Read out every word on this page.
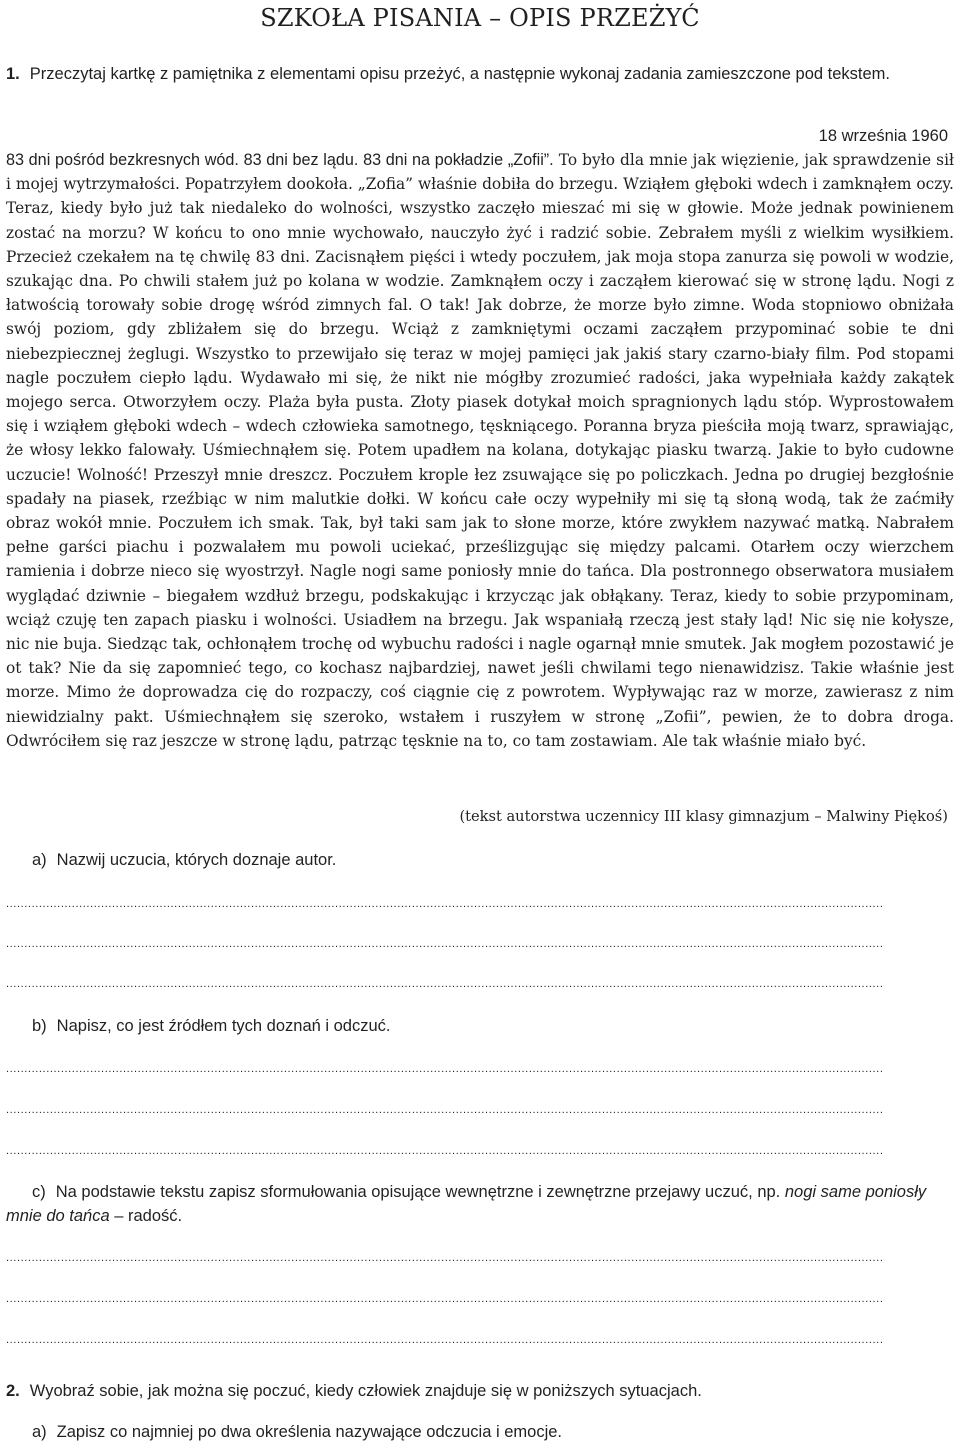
SZKOŁA PISANIA – OPIS PRZEŻYĆ
1. Przeczytaj kartkę z pamiętnika z elementami opisu przeżyć, a następnie wykonaj zadania zamieszczone pod tekstem.
18 września 1960

83 dni pośród bezkresnych wód. 83 dni bez lądu. 83 dni na pokładzie „Zofii”. To było dla mnie jak więzienie, jak sprawdzenie sił i mojej wytrzymałości. Popatrzyłem dookoła. „Zofia” właśnie dobiła do brzegu. Wziąłem głęboki wdech i zamknąłem oczy. Teraz, kiedy było już tak niedaleko do wolności, wszystko zaczęło mieszać mi się w głowie. Może jednak powinienem zostać na morzu? W końcu to ono mnie wychowało, nauczyło żyć i radzić sobie. Zebrałem myśli z wielkim wysiłkiem. Przecież czekałem na tę chwilę 83 dni. Zacisnąłem pięści i wtedy poczułem, jak moja stopa zanurza się powoli w wodzie, szukając dna. Po chwili stałem już po kolana w wodzie. Zamknąłem oczy i zacząłem kierować się w stronę lądu. Nogi z łatwością torowały sobie drogę wśród zimnych fal. O tak! Jak dobrze, że morze było zimne. Woda stopniowo obniżała swój poziom, gdy zbliżałem się do brzegu. Wciąż z zamkniętymi oczami zacząłem przypominać sobie te dni niebezpiecznej żeglugi. Wszystko to przewijało się teraz w mojej pamięci jak jakiś stary czarno-biały film. Pod stopami nagle poczułem ciepło lądu. Wydawało mi się, że nikt nie mógłby zrozumieć radości, jaka wypełniała każdy zakątek mojego serca. Otworzyłem oczy. Plaża była pusta. Złoty piasek dotykał moich spragnionych lądu stóp. Wyprostowałem się i wziąłem głęboki wdech – wdech człowieka samotnego, tęskniącego. Poranna bryza pieściła moją twarz, sprawiając, że włosy lekko falowały. Uśmiechnąłem się. Potem upadłem na kolana, dotykając piasku twarzą. Jakie to było cudowne uczucie! Wolność! Przeszył mnie dreszcz. Poczułem krople łez zsuwające się po policzkach. Jedna po drugiej bezgłośnie spadały na piasek, rzeźbiąc w nim malutkie dołki. W końcu całe oczy wypełniły mi się tą słoną wodą, tak że zaćmiły obraz wokół mnie. Poczułem ich smak. Tak, był taki sam jak to słone morze, które zwykłem nazywać matką. Nabrałem pełne garści piachu i pozwalałem mu powoli uciekać, prześlizgując się między palcami. Otarłem oczy wierzchem ramienia i dobrze nieco się wyostrzył. Nagle nogi same poniosły mnie do tańca. Dla postronnego obserwatora musiałem wyglądać dziwnie – biegałem wzdłuż brzegu, podskakując i krzycząc jak obłąkany. Teraz, kiedy to sobie przypominam, wciąż czuję ten zapach piasku i wolności. Usiadłem na brzegu. Jak wspaniałą rzeczą jest stały ląd! Nic się nie kołysze, nic nie buja. Siedząc tak, ochłonąłem trochę od wybuchu radości i nagle ogarnął mnie smutek. Jak mogłem pozostawić je ot tak? Nie da się zapomnieć tego, co kochasz najbardziej, nawet jeśli chwilami tego nienawidzisz. Takie właśnie jest morze. Mimo że doprowadza cię do rozpaczy, coś ciągnie cię z powrotem. Wypływając raz w morze, zawierasz z nim niewidzialny pakt. Uśmiechnąłem się szeroko, wstałem i ruszyłem w stronę „Zofii”, pewien, że to dobra droga. Odwróciłem się raz jeszcze w stronę lądu, patrząc tęsknie na to, co tam zostawiam. Ale tak właśnie miało być.

(tekst autorstwa uczennicy III klasy gimnazjum – Malwiny Piękoś)
a) Nazwij uczucia, których doznaje autor.
................................................................................................................................................................................................................................................
................................................................................................................................................................................................................................................
................................................................................................................................................................................................................................................
b) Napisz, co jest źródłem tych doznań i odczuć.
................................................................................................................................................................................................................................................
................................................................................................................................................................................................................................................
................................................................................................................................................................................................................................................
c) Na podstawie tekstu zapisz sformułowania opisujące wewnętrzne i zewnętrzne przejawy uczuć, np. nogi same poniosły mnie do tańca – radość.
................................................................................................................................................................................................................................................
................................................................................................................................................................................................................................................
................................................................................................................................................................................................................................................
2. Wyobraź sobie, jak można się poczuć, kiedy człowiek znajduje się w poniższych sytuacjach.
a) Zapisz co najmniej po dwa określenia nazywające odczucia i emocje.
